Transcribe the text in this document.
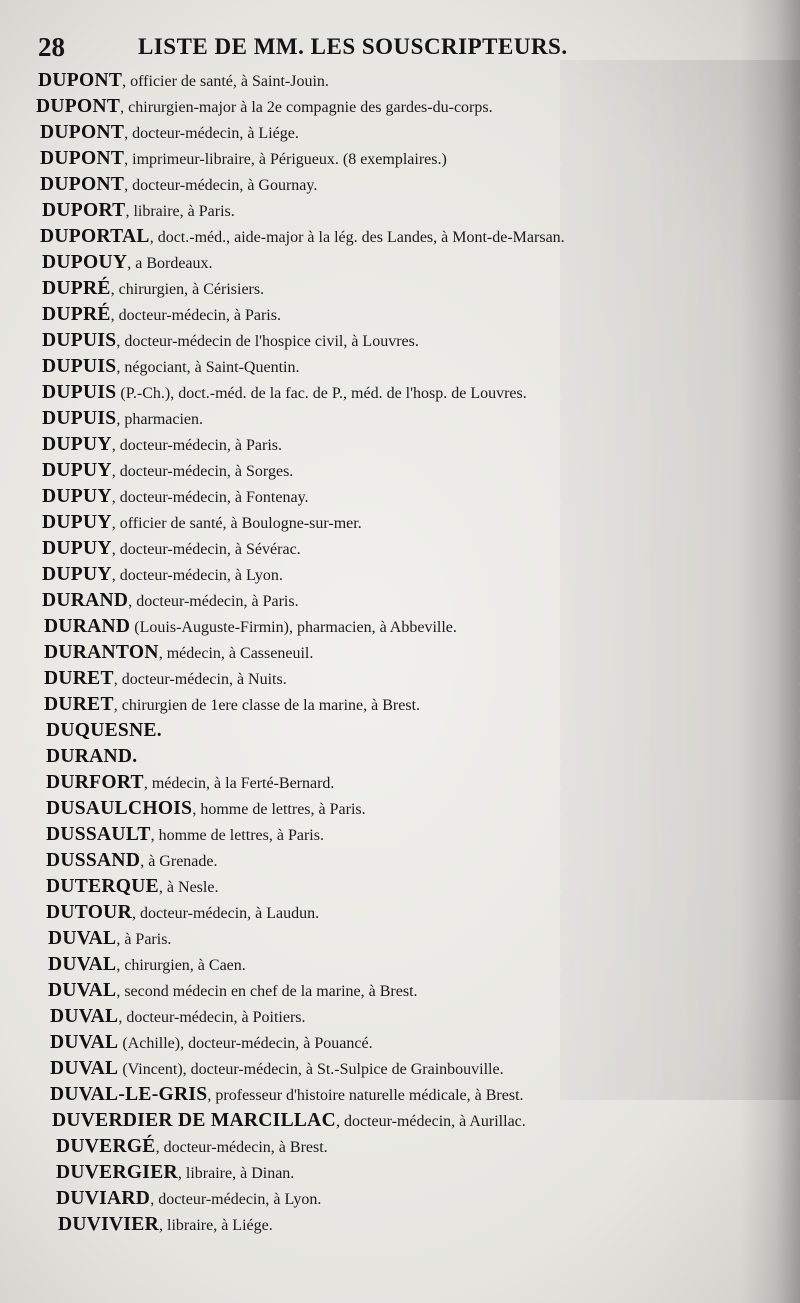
28	LISTE DE MM. LES SOUSCRIPTEURS.
DUPONT, officier de santé, à Saint-Jouin.
DUPONT, chirurgien-major à la 2e compagnie des gardes-du-corps.
DUPONT, docteur-médecin, à Liége.
DUPONT, imprimeur-libraire, à Périgueux. (8 exemplaires.)
DUPONT, docteur-médecin, à Gournay.
DUPORT, libraire, à Paris.
DUPORTAL, doct.-méd., aide-major à la lég. des Landes, à Mont-de-Marsan.
DUPOUY, a Bordeaux.
DUPRÉ, chirurgien, à Cérisiers.
DUPRÉ, docteur-médecin, à Paris.
DUPUIS, docteur-médecin de l'hospice civil, à Louvres.
DUPUIS, négociant, à Saint-Quentin.
DUPUIS (P.-Ch.), doct.-méd. de la fac. de P., méd. de l'hosp. de Louvres.
DUPUIS, pharmacien.
DUPUY, docteur-médecin, à Paris.
DUPUY, docteur-médecin, à Sorges.
DUPUY, docteur-médecin, à Fontenay.
DUPUY, officier de santé, à Boulogne-sur-mer.
DUPUY, docteur-médecin, à Sévérac.
DUPUY, docteur-médecin, à Lyon.
DURAND, docteur-médecin, à Paris.
DURAND (Louis-Auguste-Firmin), pharmacien, à Abbeville.
DURANTON, médecin, à Casseneuil.
DURET, docteur-médecin, à Nuits.
DURET, chirurgien de 1ere classe de la marine, à Brest.
DUQUESNE.
DURAND.
DURFORT, médecin, à la Ferté-Bernard.
DUSAULCHOIS, homme de lettres, à Paris.
DUSSAULT, homme de lettres, à Paris.
DUSSAND, à Grenade.
DUTERQUE, à Nesle.
DUTOUR, docteur-médecin, à Laudun.
DUVAL, à Paris.
DUVAL, chirurgien, à Caen.
DUVAL, second médecin en chef de la marine, à Brest.
DUVAL, docteur-médecin, à Poitiers.
DUVAL (Achille), docteur-médecin, à Pouancé.
DUVAL (Vincent), docteur-médecin, à St.-Sulpice de Grainbouville.
DUVAL-LE-GRIS, professeur d'histoire naturelle médicale, à Brest.
DUVERDIER DE MARCILLAC, docteur-médecin, à Aurillac.
DUVERGÉ, docteur-médecin, à Brest.
DUVERGIER, libraire, à Dinan.
DUVIARD, docteur-médecin, à Lyon.
DUVIVIER, libraire, à Liége.
